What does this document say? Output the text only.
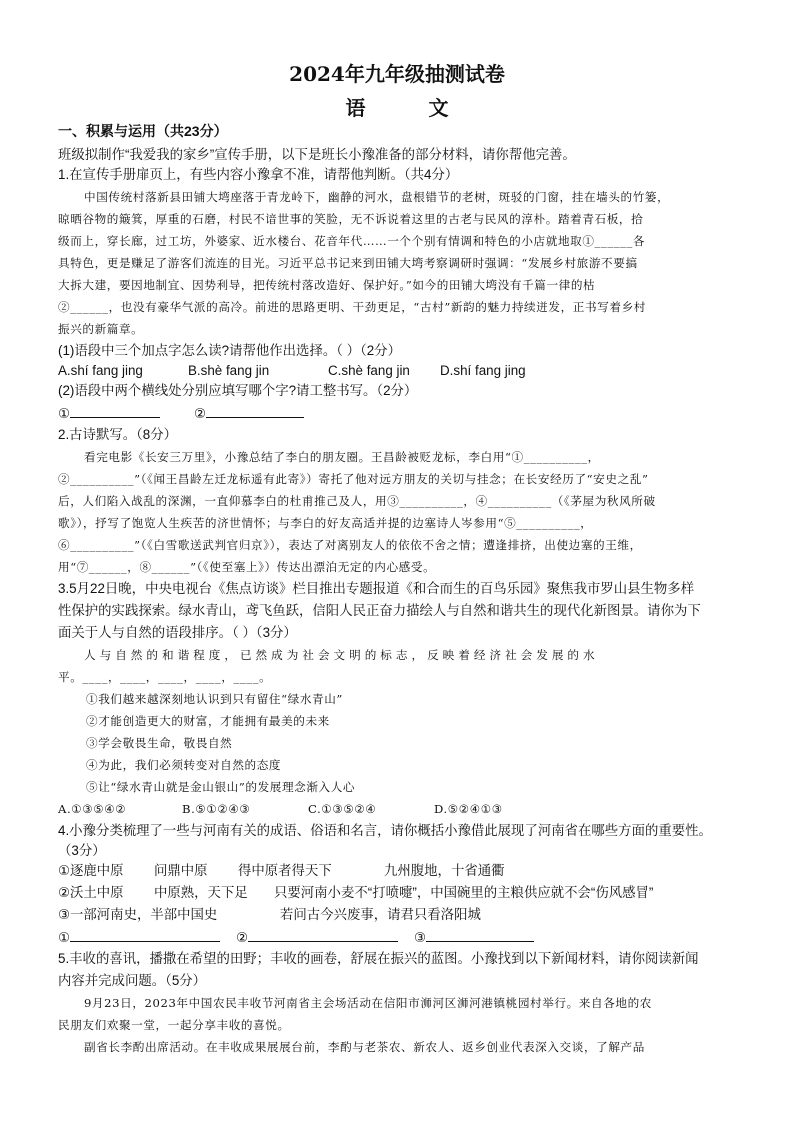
2024年九年级抽测试卷
语 文
一、积累与运用（共23分）
班级拟制作“我爱我的家乡”宣传手册，以下是班长小豫准备的部分材料，请你帮他完善。
1.在宣传手册扉页上，有些内容小豫拿不准，请帮他判断。（共4分）
中国传统村落新县田铺大塆座落于青龙岭下，幽静的河水，盘根错节的老树，斑驳的门窗，挂在墙头的竹篓，
晾晒谷物的簸箕，厚重的石磨，村民不谙世事的笑脸，无不诉说着这里的古老与民风的淳朴。踏着青石板，拾
级而上，穿长廊，过工坊，外婆家、近水楼台、花音年代……一个个别有情调和特色的小店就地取①______各
具特色，更是赚足了游客们流连的目光。习近平总书记来到田铺大塆考察调研时强调：“发展乡村旅游不要搞
大拆大建，要因地制宜、因势利导，把传统村落改造好、保护好。”如今的田铺大塆没有千篇一律的枯
②______，也没有豪华气派的高冷。前进的思路更明、干劲更足，“古村”新韵的魅力持续迸发，正书写着乡村
振兴的新篇章。
(1)语段中三个加点字怎么读?请帮他作出选择。（ ）（2分）
A.shí fang jing	B.shè fang jin	C.shè fang jin D.shí fang jing
(2)语段中两个横线处分别应填写哪个字?请工整书写。（2分）
①	②
2.古诗默写。（8分）
看完电影《长安三万里》，小豫总结了李白的朋友圈。王昌龄被贬龙标，李白用“①__________，
②__________”（《闻王昌龄左迁龙标遥有此寄》）寄托了他对远方朋友的关切与挂念；在长安经历了“安史之乱”
后，人们陷入战乱的深渊，一直仰慕李白的杜甫推己及人，用③__________，④__________（《茅屋为秋风所破
歌》），抒写了饱览人生疾苦的济世情怀；与李白的好友高适并提的边塞诗人岑参用“⑤__________，
⑥__________”（《白雪歌送武判官归京》），表达了对离别友人的依依不舍之情；遭逢排挤，出使边塞的王维，
用“⑦______，⑧______”（《使至塞上》）传达出漂泊无定的内心感受。
3.5月22日晚，中央电视台《焦点访谈》栏目推出专题报道《和合而生的百鸟乐园》聚焦我市罗山县生物多样
性保护的实践探索。绿水青山，鸢飞鱼跃，信阳人民正奋力描绘人与自然和谐共生的现代化新图景。请你为下
面关于人与自然的语段排序。（ ）（3分）
人与自然的和谐程度，已然成为社会文明的标志，反映着经济社会发展的水
平。____，____，____，____，____。
①我们越来越深刻地认识到只有留住“绿水青山”
②才能创造更大的财富，才能拥有最美的未来
③学会敬畏生命，敬畏自然
④为此，我们必须转变对自然的态度
⑤让“绿水青山就是金山银山”的发展理念渐入人心
A.①③⑤④②	B.⑤①②④③	C.①③⑤②④	D.⑤②④①③
4.小豫分类梳理了一些与河南有关的成语、俗语和名言，请你概括小豫借此展现了河南省在哪些方面的重要性。
（3分）
①逐鹿中原 问鼎中原 得中原者得天下	九州腹地，十省通衢
②沃土中原 中原熟，天下足 只要河南小麦不“打喷嚏”，中国碗里的主粮供应就不会“伤风感冒”
③一部河南史，半部中国史	若问古今兴废事，请君只看洛阳城
①	②	③
5.丰收的喜讯，播撒在希望的田野；丰收的画卷，舒展在振兴的蓝图。小豫找到以下新闻材料，请你阅读新闻
内容并完成问题。（5分）
9月23日，2023年中国农民丰收节河南省主会场活动在信阳市浉河区浉河港镇桃园村举行。来自各地的农
民朋友们欢聚一堂，一起分享丰收的喜悦。
副省长李酌出席活动。在丰收成果展展台前，李酌与老茶农、新农人、返乡创业代表深入交谈，了解产品
